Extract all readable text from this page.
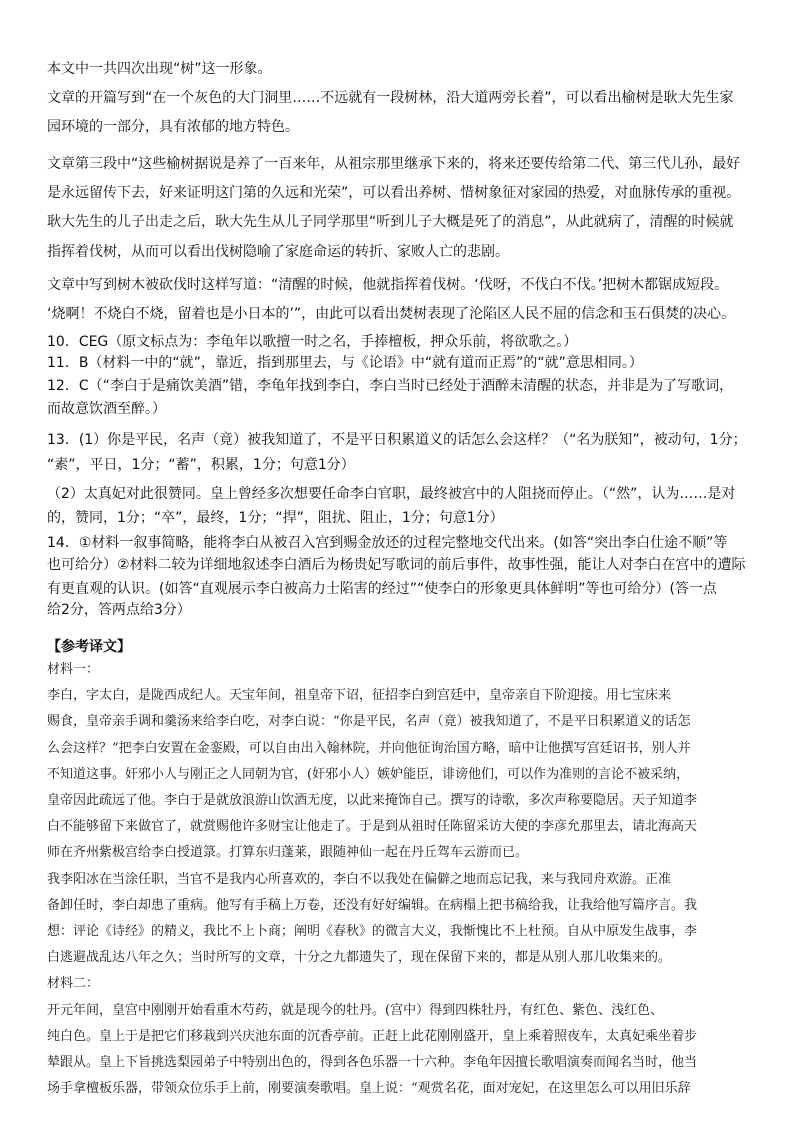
本文中一共四次出现“树”这一形象。
文章的开篇写到“在一个灰色的大门洞里……不远就有一段树林，沿大道两旁长着”，可以看出榆树是耿大先生家
园环境的一部分，具有浓郁的地方特色。
文章第三段中“这些榆树据说是养了一百来年，从祖宗那里继承下来的，将来还要传给第二代、第三代儿孙，最好
是永远留传下去，好来证明这门第的久远和光荣”，可以看出养树、惜树象征对家园的热爱，对血脉传承的重视。
耿大先生的儿子出走之后，耿大先生从儿子同学那里“听到儿子大概是死了的消息”，从此就病了，清醒的时候就
指挥着伐树，从而可以看出伐树隐喻了家庭命运的转折、家败人亡的悲剧。
文章中写到树木被砍伐时这样写道：“清醒的时候，他就指挥着伐树。‘伐呀，不伐白不伐。’把树木都锯成短段。
‘烧啊！不烧白不烧，留着也是小日本的’”，由此可以看出焚树表现了沦陷区人民不屈的信念和玉石俱焚的决心。
10．CEG（原文标点为：李龟年以歌擅一时之名，手捧檀板，押众乐前，将欲歌之。）
11．B（材料一中的“就”，靠近，指到那里去，与《论语》中“就有道而正焉”的“就”意思相同。）
12．C（“李白于是痛饮美酒”错，李龟年找到李白，李白当时已经处于酒醉未清醒的状态，并非是为了写歌词，
而故意饮酒至醉。）
13．(1）你是平民，名声（竟）被我知道了，不是平日积累道义的话怎么会这样？（“名为朕知”，被动句，1分；
“素”，平日，1分；“蓄”，积累，1分；句意1分）
（2）太真妃对此很赞同。皇上曾经多次想要任命李白官职，最终被宫中的人阻挠而停止。（“然”，认为……是对
的，赞同，1分；“卒”，最终，1分；“捍”，阻扰、阻止，1分；句意1分）
14．①材料一叙事简略，能将李白从被召入宫到赐金放还的过程完整地交代出来。(如答“突出李白仕途不顺”等
也可给分）②材料二较为详细地叙述李白酒后为杨贵妃写歌词的前后事件，故事性强，能让人对李白在宫中的遭际
有更直观的认识。(如答“直观展示李白被高力士陷害的经过”“使李白的形象更具体鲜明”等也可给分）(答一点
给2分，答两点给3分）
【参考译文】
材料一：
李白，字太白，是陇西成纪人。天宝年间，祖皇帝下诏，征招李白到宫廷中，皇帝亲自下阶迎接。用七宝床来
赐食，皇帝亲手调和羹汤来给李白吃，对李白说：“你是平民，名声（竟）被我知道了，不是平日积累道义的话怎
么会这样？”把李白安置在金銮殿，可以自由出入翰林院，并向他征询治国方略，暗中让他撰写宫廷诏书，别人并
不知道这事。奸邪小人与刚正之人同朝为官，(奸邪小人）嫉妒能臣，诽谤他们，可以作为准则的言论不被采纳，
皇帝因此疏远了他。李白于是就放浪游山饮酒无度，以此来掩饰自己。撰写的诗歌，多次声称要隐居。天子知道李
白不能够留下来做官了，就赏赐他许多财宝让他走了。于是到从祖时任陈留采访大使的李彦允那里去，请北海高天
师在齐州紫极宫给李白授道箓。打算东归蓬莱，跟随神仙一起在丹丘驾车云游而已。
我李阳冰在当涂任职，当官不是我内心所喜欢的，李白不以我处在偏僻之地而忘记我，来与我同舟欢游。正准
备卸任时，李白却患了重病。他写有手稿上万卷，还没有好好编辑。在病榻上把书稿给我，让我给他写篇序言。我
想：评论《诗经》的精义，我比不上卜商；阐明《春秋》的微言大义，我惭愧比不上杜预。自从中原发生战事，李
白逃避战乱达八年之久；当时所写的文章，十分之九都遗失了，现在保留下来的，都是从别人那儿收集来的。
材料二：
开元年间，皇宫中刚刚开始看重木芍药，就是现今的牡丹。(宫中）得到四株牡丹，有红色、紫色、浅红色、
纯白色。皇上于是把它们移栽到兴庆池东面的沉香亭前。正赶上此花刚刚盛开，皇上乘着照夜车，太真妃乘坐着步
辇跟从。皇上下旨挑选梨园弟子中特别出色的，得到各色乐器一十六种。李龟年因擅长歌唱演奏而闻名当时，他当
场手拿檀板乐器，带领众位乐手上前，刚要演奏歌唱。皇上说：“观赏名花，面对宠妃，在这里怎么可以用旧乐辞
